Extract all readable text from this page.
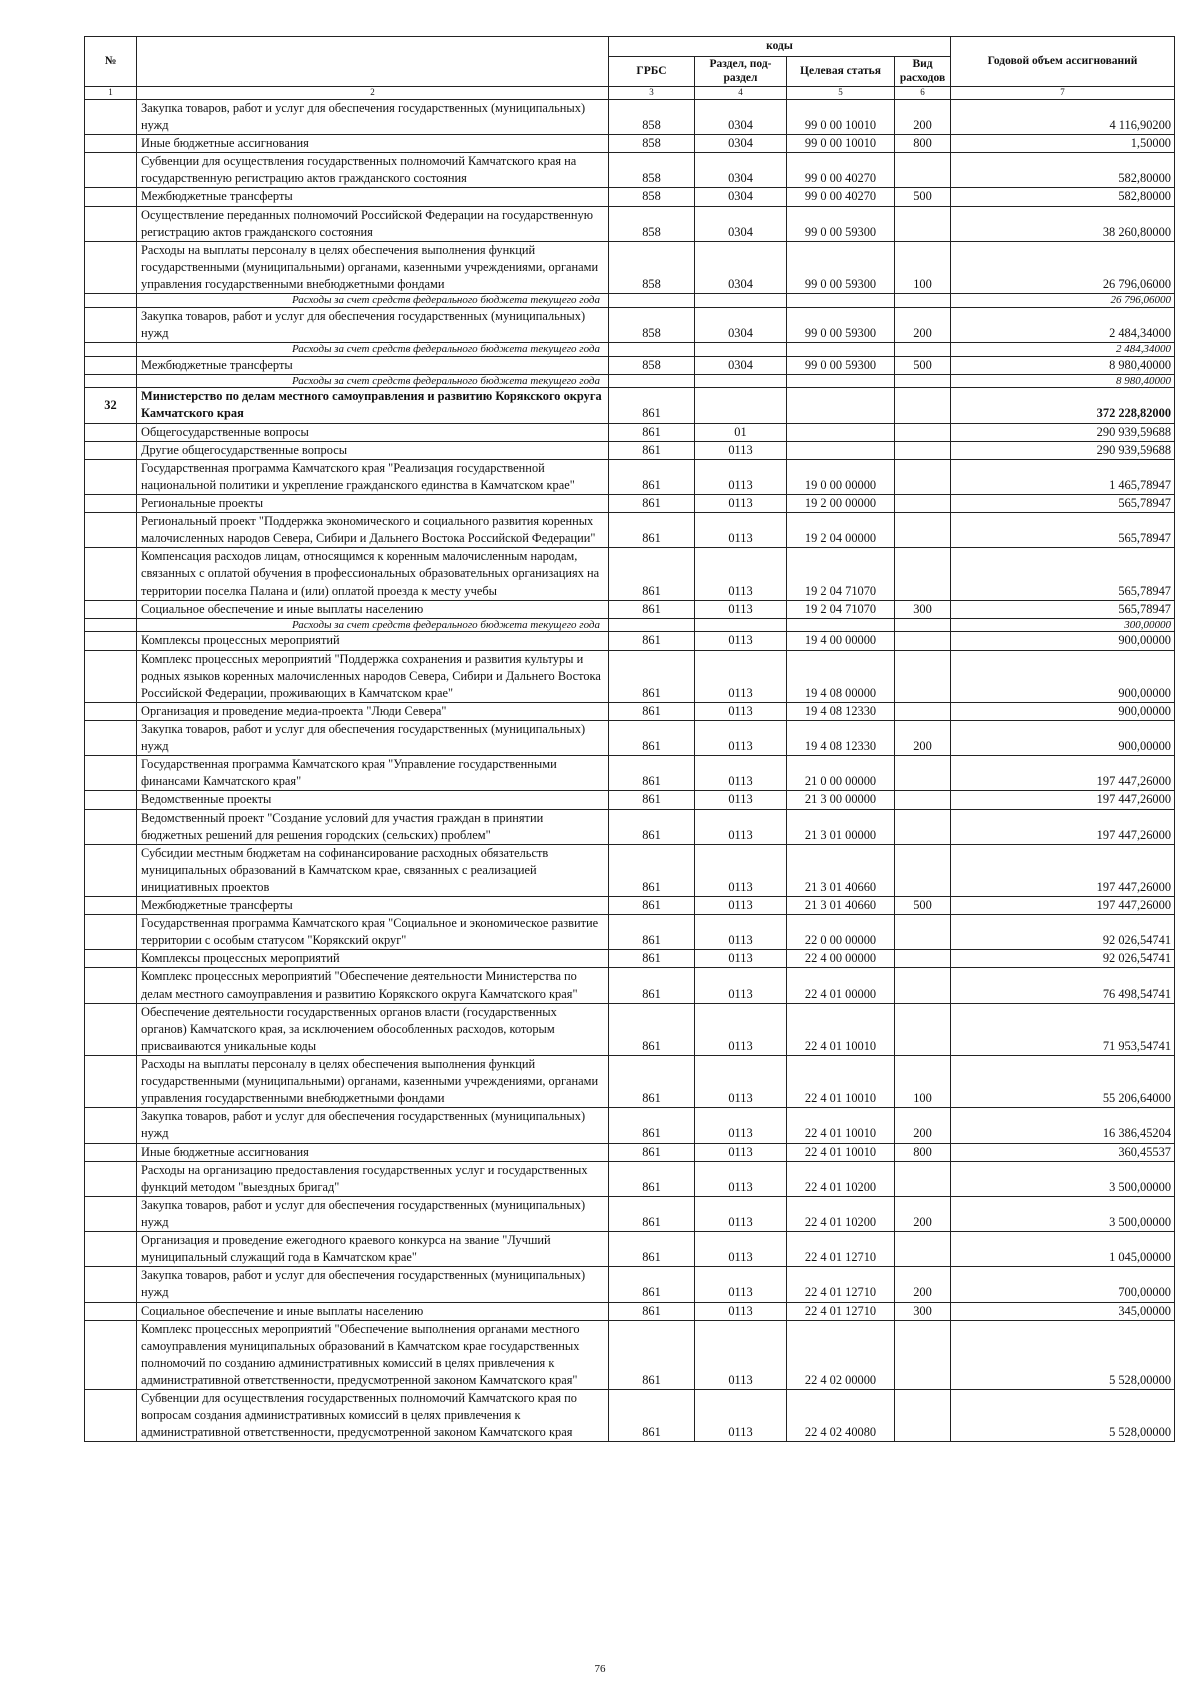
№		коды				Годовой объем ассигнований
		ГРБС	Раздел, под-раздел	Целевая статья	Вид расходов	
1	2	3	4	5	6	7
	Закупка товаров, работ и услуг для обеспечения государственных (муниципальных) нужд	858	0304	99 0 00 10010	200	4 116,90200
	Иные бюджетные ассигнования	858	0304	99 0 00 10010	800	1,50000
	Субвенции для осуществления государственных полномочий Камчатского края на государственную регистрацию актов гражданского состояния	858	0304	99 0 00 40270		582,80000
	Межбюджетные трансферты	858	0304	99 0 00 40270	500	582,80000
	Осуществление переданных полномочий Российской Федерации на государственную регистрацию актов гражданского состояния	858	0304	99 0 00 59300		38 260,80000
	Расходы на выплаты персоналу в целях обеспечения выполнения функций государственными (муниципальными) органами, казенными учреждениями, органами управления государственными внебюджетными фондами	858	0304	99 0 00 59300	100	26 796,06000
	Расходы за счет средств федерального бюджета текущего года					26 796,06000
	Закупка товаров, работ и услуг для обеспечения государственных (муниципальных) нужд	858	0304	99 0 00 59300	200	2 484,34000
	Расходы за счет средств федерального бюджета текущего года					2 484,34000
	Межбюджетные трансферты	858	0304	99 0 00 59300	500	8 980,40000
	Расходы за счет средств федерального бюджета текущего года					8 980,40000
32	Министерство по делам местного самоуправления и развитию Корякского округа Камчатского края	861				372 228,82000
	Общегосударственные вопросы	861	01			290 939,59688
	Другие общегосударственные вопросы	861	0113			290 939,59688
	Государственная программа Камчатского края "Реализация государственной национальной политики и укрепление гражданского единства в Камчатском крае"	861	0113	19 0 00 00000		1 465,78947
	Региональные проекты	861	0113	19 2 00 00000		565,78947
	Региональный проект "Поддержка экономического и социального развития коренных малочисленных народов Севера, Сибири и Дальнего Востока Российской Федерации"	861	0113	19 2 04 00000		565,78947
	Компенсация расходов лицам, относящимся к коренным малочисленным народам, связанных с оплатой обучения в профессиональных образовательных организациях на территории поселка Палана и (или) оплатой проезда к месту учебы	861	0113	19 2 04 71070		565,78947
	Социальное обеспечение и иные выплаты населению	861	0113	19 2 04 71070	300	565,78947
	Расходы за счет средств федерального бюджета текущего года					300,00000
	Комплексы процессных мероприятий	861	0113	19 4 00 00000		900,00000
	Комплекс процессных мероприятий "Поддержка сохранения и развития культуры и родных языков коренных малочисленных народов Севера, Сибири и Дальнего Востока Российской Федерации, проживающих в Камчатском крае"	861	0113	19 4 08 00000		900,00000
	Организация и проведение медиа-проекта "Люди Севера"	861	0113	19 4 08 12330		900,00000
	Закупка товаров, работ и услуг для обеспечения государственных (муниципальных) нужд	861	0113	19 4 08 12330	200	900,00000
	Государственная программа Камчатского края "Управление государственными финансами Камчатского края"	861	0113	21 0 00 00000		197 447,26000
	Ведомственные проекты	861	0113	21 3 00 00000		197 447,26000
	Ведомственный проект "Создание условий для участия граждан в принятии бюджетных решений для решения городских (сельских) проблем"	861	0113	21 3 01 00000		197 447,26000
	Субсидии местным бюджетам на софинансирование расходных обязательств муниципальных образований в Камчатском крае, связанных с реализацией инициативных проектов	861	0113	21 3 01 40660		197 447,26000
	Межбюджетные трансферты	861	0113	21 3 01 40660	500	197 447,26000
	Государственная программа Камчатского края "Социальное и экономическое развитие территории с особым статусом "Корякский округ"	861	0113	22 0 00 00000		92 026,54741
	Комплексы процессных мероприятий	861	0113	22 4 00 00000		92 026,54741
	Комплекс процессных мероприятий "Обеспечение деятельности Министерства по делам местного самоуправления и развитию Корякского округа Камчатского края"	861	0113	22 4 01 00000		76 498,54741
	Обеспечение деятельности государственных органов власти (государственных органов) Камчатского края, за исключением обособленных расходов, которым присваиваются уникальные коды	861	0113	22 4 01 10010		71 953,54741
	Расходы на выплаты персоналу в целях обеспечения выполнения функций государственными (муниципальными) органами, казенными учреждениями, органами управления государственными внебюджетными фондами	861	0113	22 4 01 10010	100	55 206,64000
	Закупка товаров, работ и услуг для обеспечения государственных (муниципальных) нужд	861	0113	22 4 01 10010	200	16 386,45204
	Иные бюджетные ассигнования	861	0113	22 4 01 10010	800	360,45537
	Расходы на организацию предоставления государственных услуг и государственных функций методом "выездных бригад"	861	0113	22 4 01 10200		3 500,00000
	Закупка товаров, работ и услуг для обеспечения государственных (муниципальных) нужд	861	0113	22 4 01 10200	200	3 500,00000
	Организация и проведение ежегодного краевого конкурса на звание "Лучший муниципальный служащий года в Камчатском крае"	861	0113	22 4 01 12710		1 045,00000
	Закупка товаров, работ и услуг для обеспечения государственных (муниципальных) нужд	861	0113	22 4 01 12710	200	700,00000
	Социальное обеспечение и иные выплаты населению	861	0113	22 4 01 12710	300	345,00000
	Комплекс процессных мероприятий "Обеспечение выполнения органами местного самоуправления муниципальных образований в Камчатском крае государственных полномочий по созданию административных комиссий в целях привлечения к административной ответственности, предусмотренной законом Камчатского края"	861	0113	22 4 02 00000		5 528,00000
	Субвенции для осуществления государственных полномочий Камчатского края по вопросам создания административных комиссий в целях привлечения к административной ответственности, предусмотренной законом Камчатского края	861	0113	22 4 02 40080		5 528,00000
76
